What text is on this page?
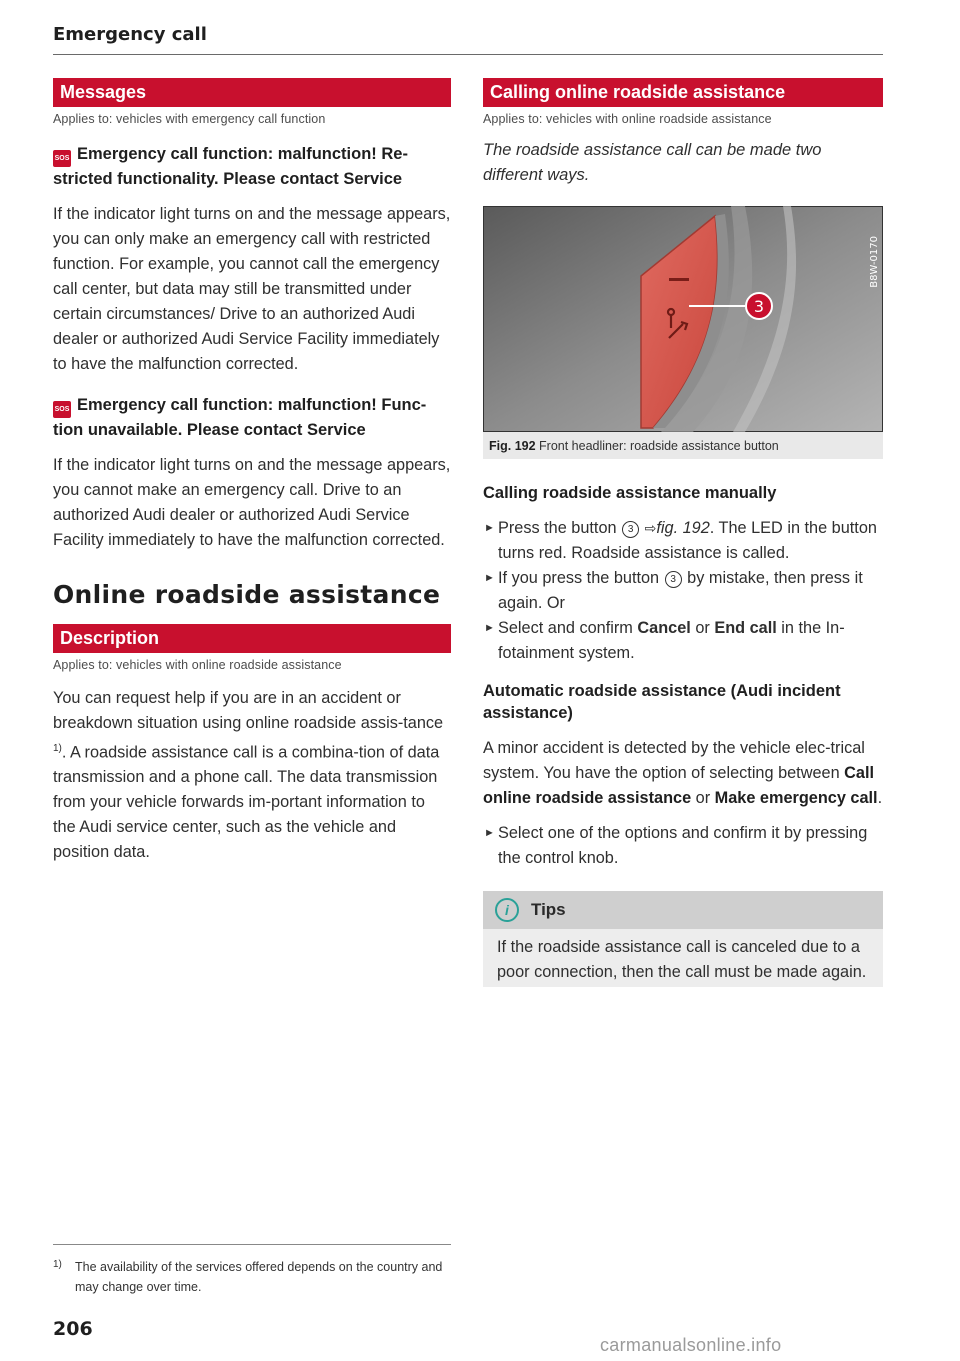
Emergency call
Messages
Applies to: vehicles with emergency call function
SOS Emergency call function: malfunction! Re-stricted functionality. Please contact Service
If the indicator light turns on and the message appears, you can only make an emergency call with restricted function. For example, you cannot call the emergency call center, but data may still be transmitted under certain circumstances/ Drive to an authorized Audi dealer or authorized Audi Service Facility immediately to have the malfunction corrected.
SOS Emergency call function: malfunction! Func-tion unavailable. Please contact Service
If the indicator light turns on and the message appears, you cannot make an emergency call. Drive to an authorized Audi dealer or authorized Audi Service Facility immediately to have the malfunction corrected.
Online roadside assistance
Description
Applies to: vehicles with online roadside assistance
You can request help if you are in an accident or breakdown situation using online roadside assis-tance $^{1)}$. A roadside assistance call is a combina-tion of data transmission and a phone call. The data transmission from your vehicle forwards im-portant information to the Audi service center, such as the vehicle and position data.
1)	The availability of the services offered depends on the country and may change over time.
206
Calling online roadside assistance
Applies to: vehicles with online roadside assistance
The roadside assistance call can be made two different ways.
3
B8W-0170
Fig. 192 Front headliner: roadside assistance button
Calling roadside assistance manually
► Press the button 3 ⇨fig. 192. The LED in the button turns red. Roadside assistance is called.
► If you press the button 3 by mistake, then press it again. Or
► Select and confirm Cancel or End call in the In-fotainment system.
Automatic roadside assistance (Audi incident assistance)
A minor accident is detected by the vehicle elec-trical system. You have the option of selecting between Call online roadside assistance or Make emergency call.
► Select one of the options and confirm it by pressing the control knob.
i	Tips
If the roadside assistance call is canceled due to a poor connection, then the call must be made again.
carmanualsonline.info
